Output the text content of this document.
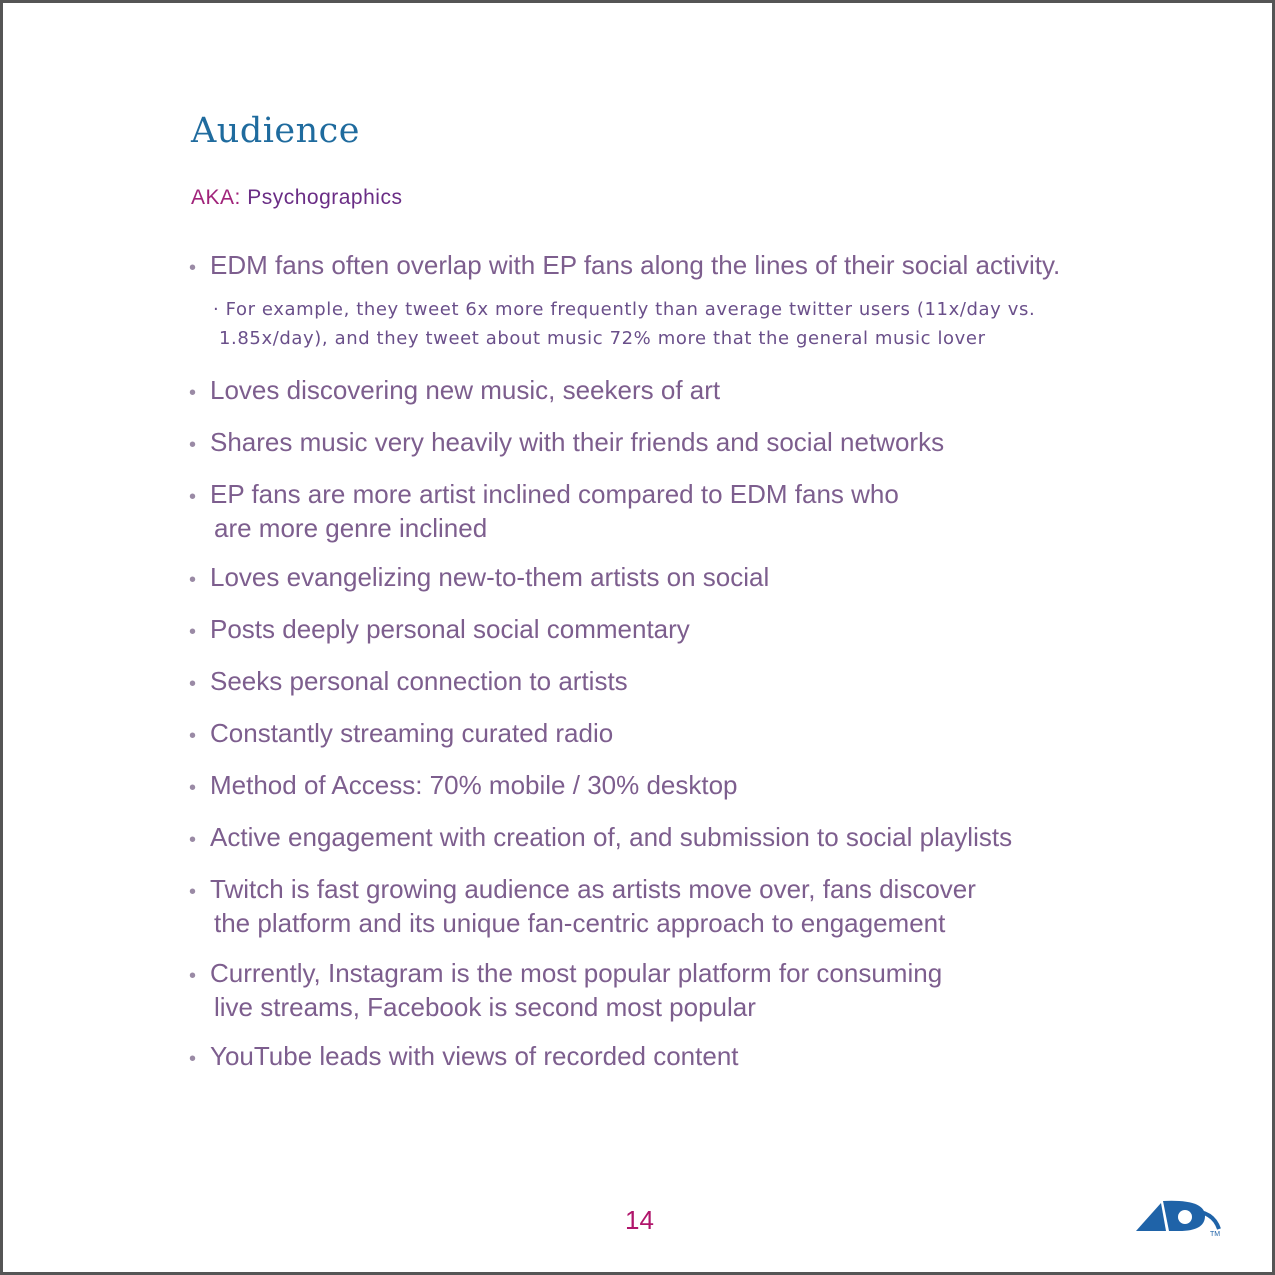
Audience
AKA: Psychographics
• EDM fans often overlap with EP fans along the lines of their social activity.
· For example, they tweet 6x more frequently than average twitter users (11x/day vs.
1.85x/day), and they tweet about music 72% more that the general music lover
• Loves discovering new music, seekers of art
• Shares music very heavily with their friends and social networks
• EP fans are more artist inclined compared to EDM fans who
are more genre inclined
• Loves evangelizing new-to-them artists on social
• Posts deeply personal social commentary
• Seeks personal connection to artists
• Constantly streaming curated radio
• Method of Access: 70% mobile / 30% desktop
• Active engagement with creation of, and submission to social playlists
• Twitch is fast growing audience as artists move over, fans discover
the platform and its unique fan-centric approach to engagement
• Currently, Instagram is the most popular platform for consuming
live streams, Facebook is second most popular
• YouTube leads with views of recorded content
14	TM
